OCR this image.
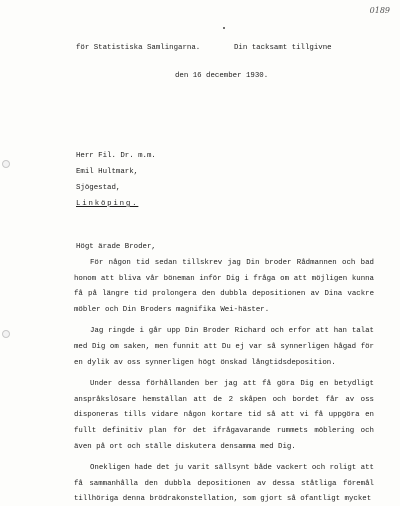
0189
för Statistiska Samlingarna.	Din tacksamt tillgivne
den 16 december 1930.
Herr Fil. Dr. m.m.
Emil Hultmark,
Sjögestad,
Linköping.
Högt ärade Broder,

För någon tid sedan tillskrev jag Din broder Rådmannen och bad honom att bliva vår böneman inför Dig i fråga om att möjligen kunna få på längre tid prolongera den dubbla depositionen av Dina vackre möbler och Din Broders magnifika Wei-häster.

Jag ringde i går upp Din Broder Richard och erfor att han talat med Dig om saken, men funnit att Du ej var så synnerligen hågad för en dylik av oss synnerligen högt önskad långtidsdeposition.

Under dessa förhållanden ber jag att få göra Dig en betydligt anspråkslösare hemställan att de 2 skåpen och bordet får av oss disponeras tills vidare någon kortare tid så att vi få uppgöra en fullt definitiv plan för det ifrågavarande rummets möblering och även på ort och ställe diskutera densamma med Dig.

Onekligen hade det ju varit sällsynt både vackert och roligt att få sammanhålla den dubbla depositionen av dessa ståtliga föremål tillhöriga denna brödrakonstellation, som gjort så ofantligt mycket
